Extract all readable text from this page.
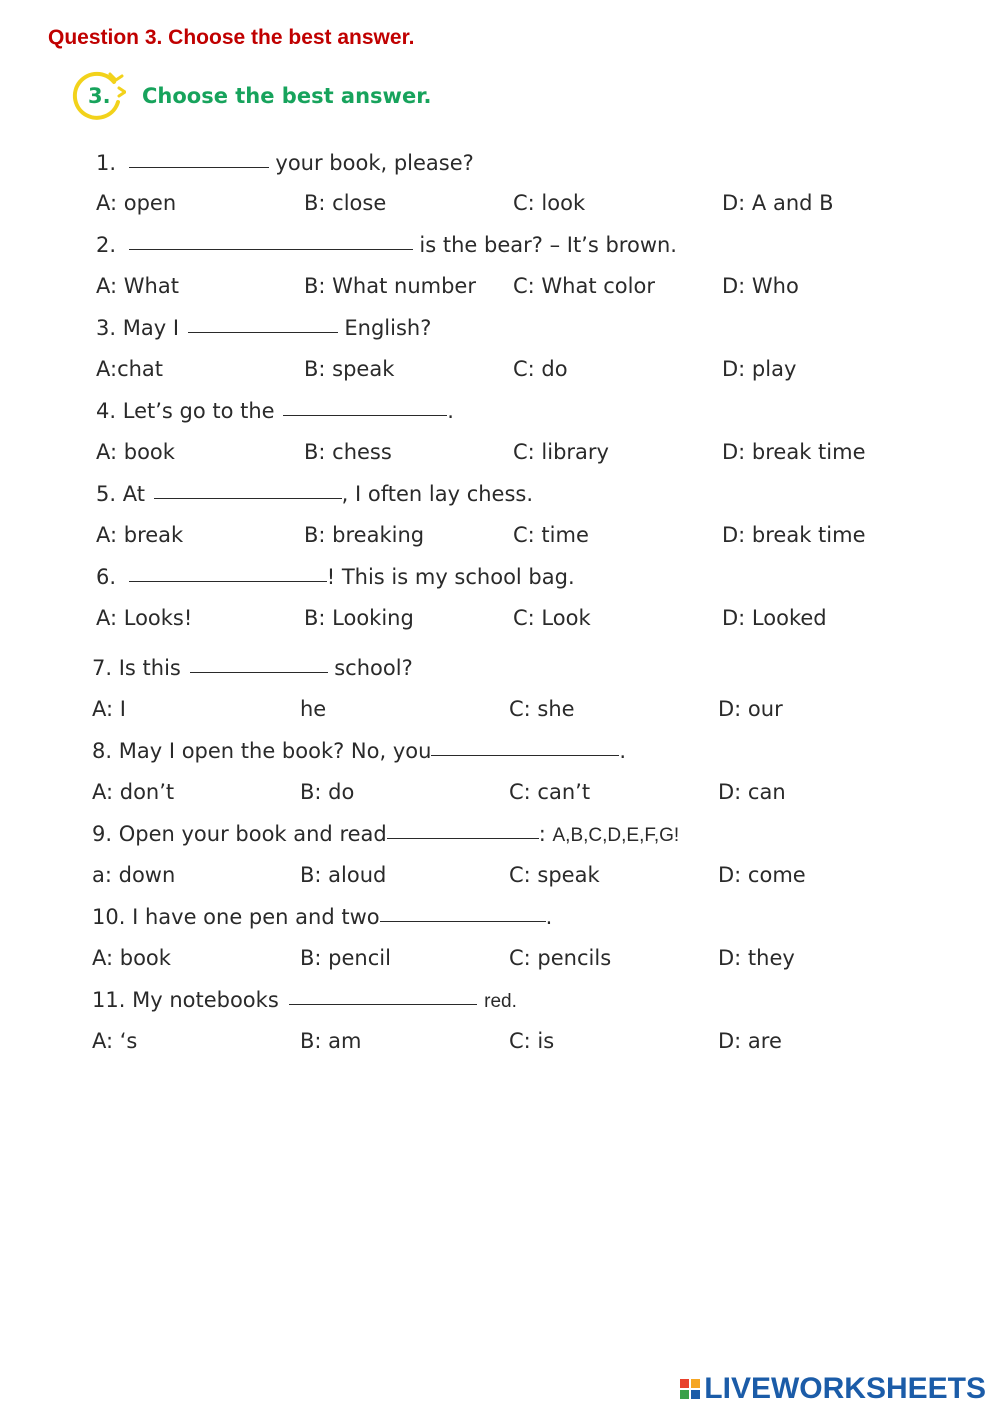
Question 3. Choose the best answer.
3. Choose the best answer.
1.	your book, please?
A: open	B: close	C: look	D: A and B
2.	is the bear? – It’s brown.
A: What	B: What number C: What color	D: Who
3. May I	English?
A:chat	B: speak	C: do	D: play
4. Let’s go to the	.
A: book	B: chess	C: library	D: break time
5. At	, I often lay chess.
A: break	B: breaking	C: time	D: break time
6.	! This is my school bag.
A: Looks!	B: Looking	C: Look	D: Looked
7. Is this	school?
A: I	he	C: she	D: our
8. May I open the book? No, you	.
A: don’t	B: do	C: can’t	D: can
9. Open your book and read	: A,B,C,D,E,F,G!
a: down	B: aloud	C: speak	D: come
10. I have one pen and two	.
A: book	B: pencil	C: pencils	D: they
11. My notebooks	red.
A: ‘s	B: am	C: is	D: are
LIVEWORKSHEETS
